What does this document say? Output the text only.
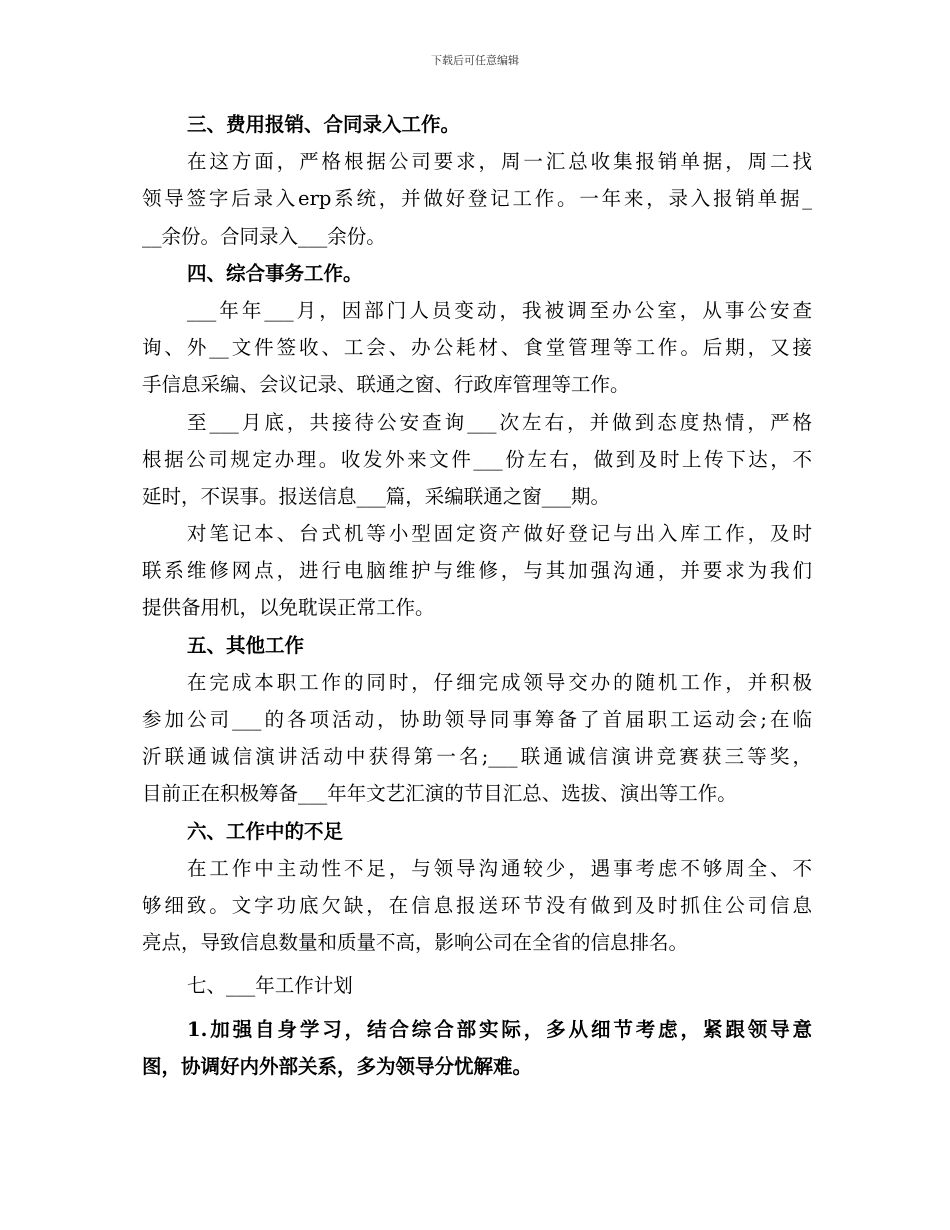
下载后可任意编辑
三、费用报销、合同录入工作。
在这方面，严格根据公司要求，周一汇总收集报销单据，周二找
领导签字后录入erp系统，并做好登记工作。一年来，录入报销单据_
__余份。合同录入___余份。
四、综合事务工作。
___年年___月，因部门人员变动，我被调至办公室，从事公安查
询、外__文件签收、工会、办公耗材、食堂管理等工作。后期，又接
手信息采编、会议记录、联通之窗、行政库管理等工作。
至___月底，共接待公安查询___次左右，并做到态度热情，严格
根据公司规定办理。收发外来文件___份左右，做到及时上传下达，不
延时，不误事。报送信息___篇，采编联通之窗___期。
对笔记本、台式机等小型固定资产做好登记与出入库工作，及时
联系维修网点，进行电脑维护与维修，与其加强沟通，并要求为我们
提供备用机，以免耽误正常工作。
五、其他工作
在完成本职工作的同时，仔细完成领导交办的随机工作，并积极
参加公司___的各项活动，协助领导同事筹备了首届职工运动会;在临
沂联通诚信演讲活动中获得第一名;___联通诚信演讲竞赛获三等奖，
目前正在积极筹备___年年文艺汇演的节目汇总、选拔、演出等工作。
六、工作中的不足
在工作中主动性不足，与领导沟通较少，遇事考虑不够周全、不
够细致。文字功底欠缺，在信息报送环节没有做到及时抓住公司信息
亮点，导致信息数量和质量不高，影响公司在全省的信息排名。
七、___年工作计划
1.加强自身学习，结合综合部实际，多从细节考虑，紧跟领导意
图，协调好内外部关系，多为领导分忧解难。
